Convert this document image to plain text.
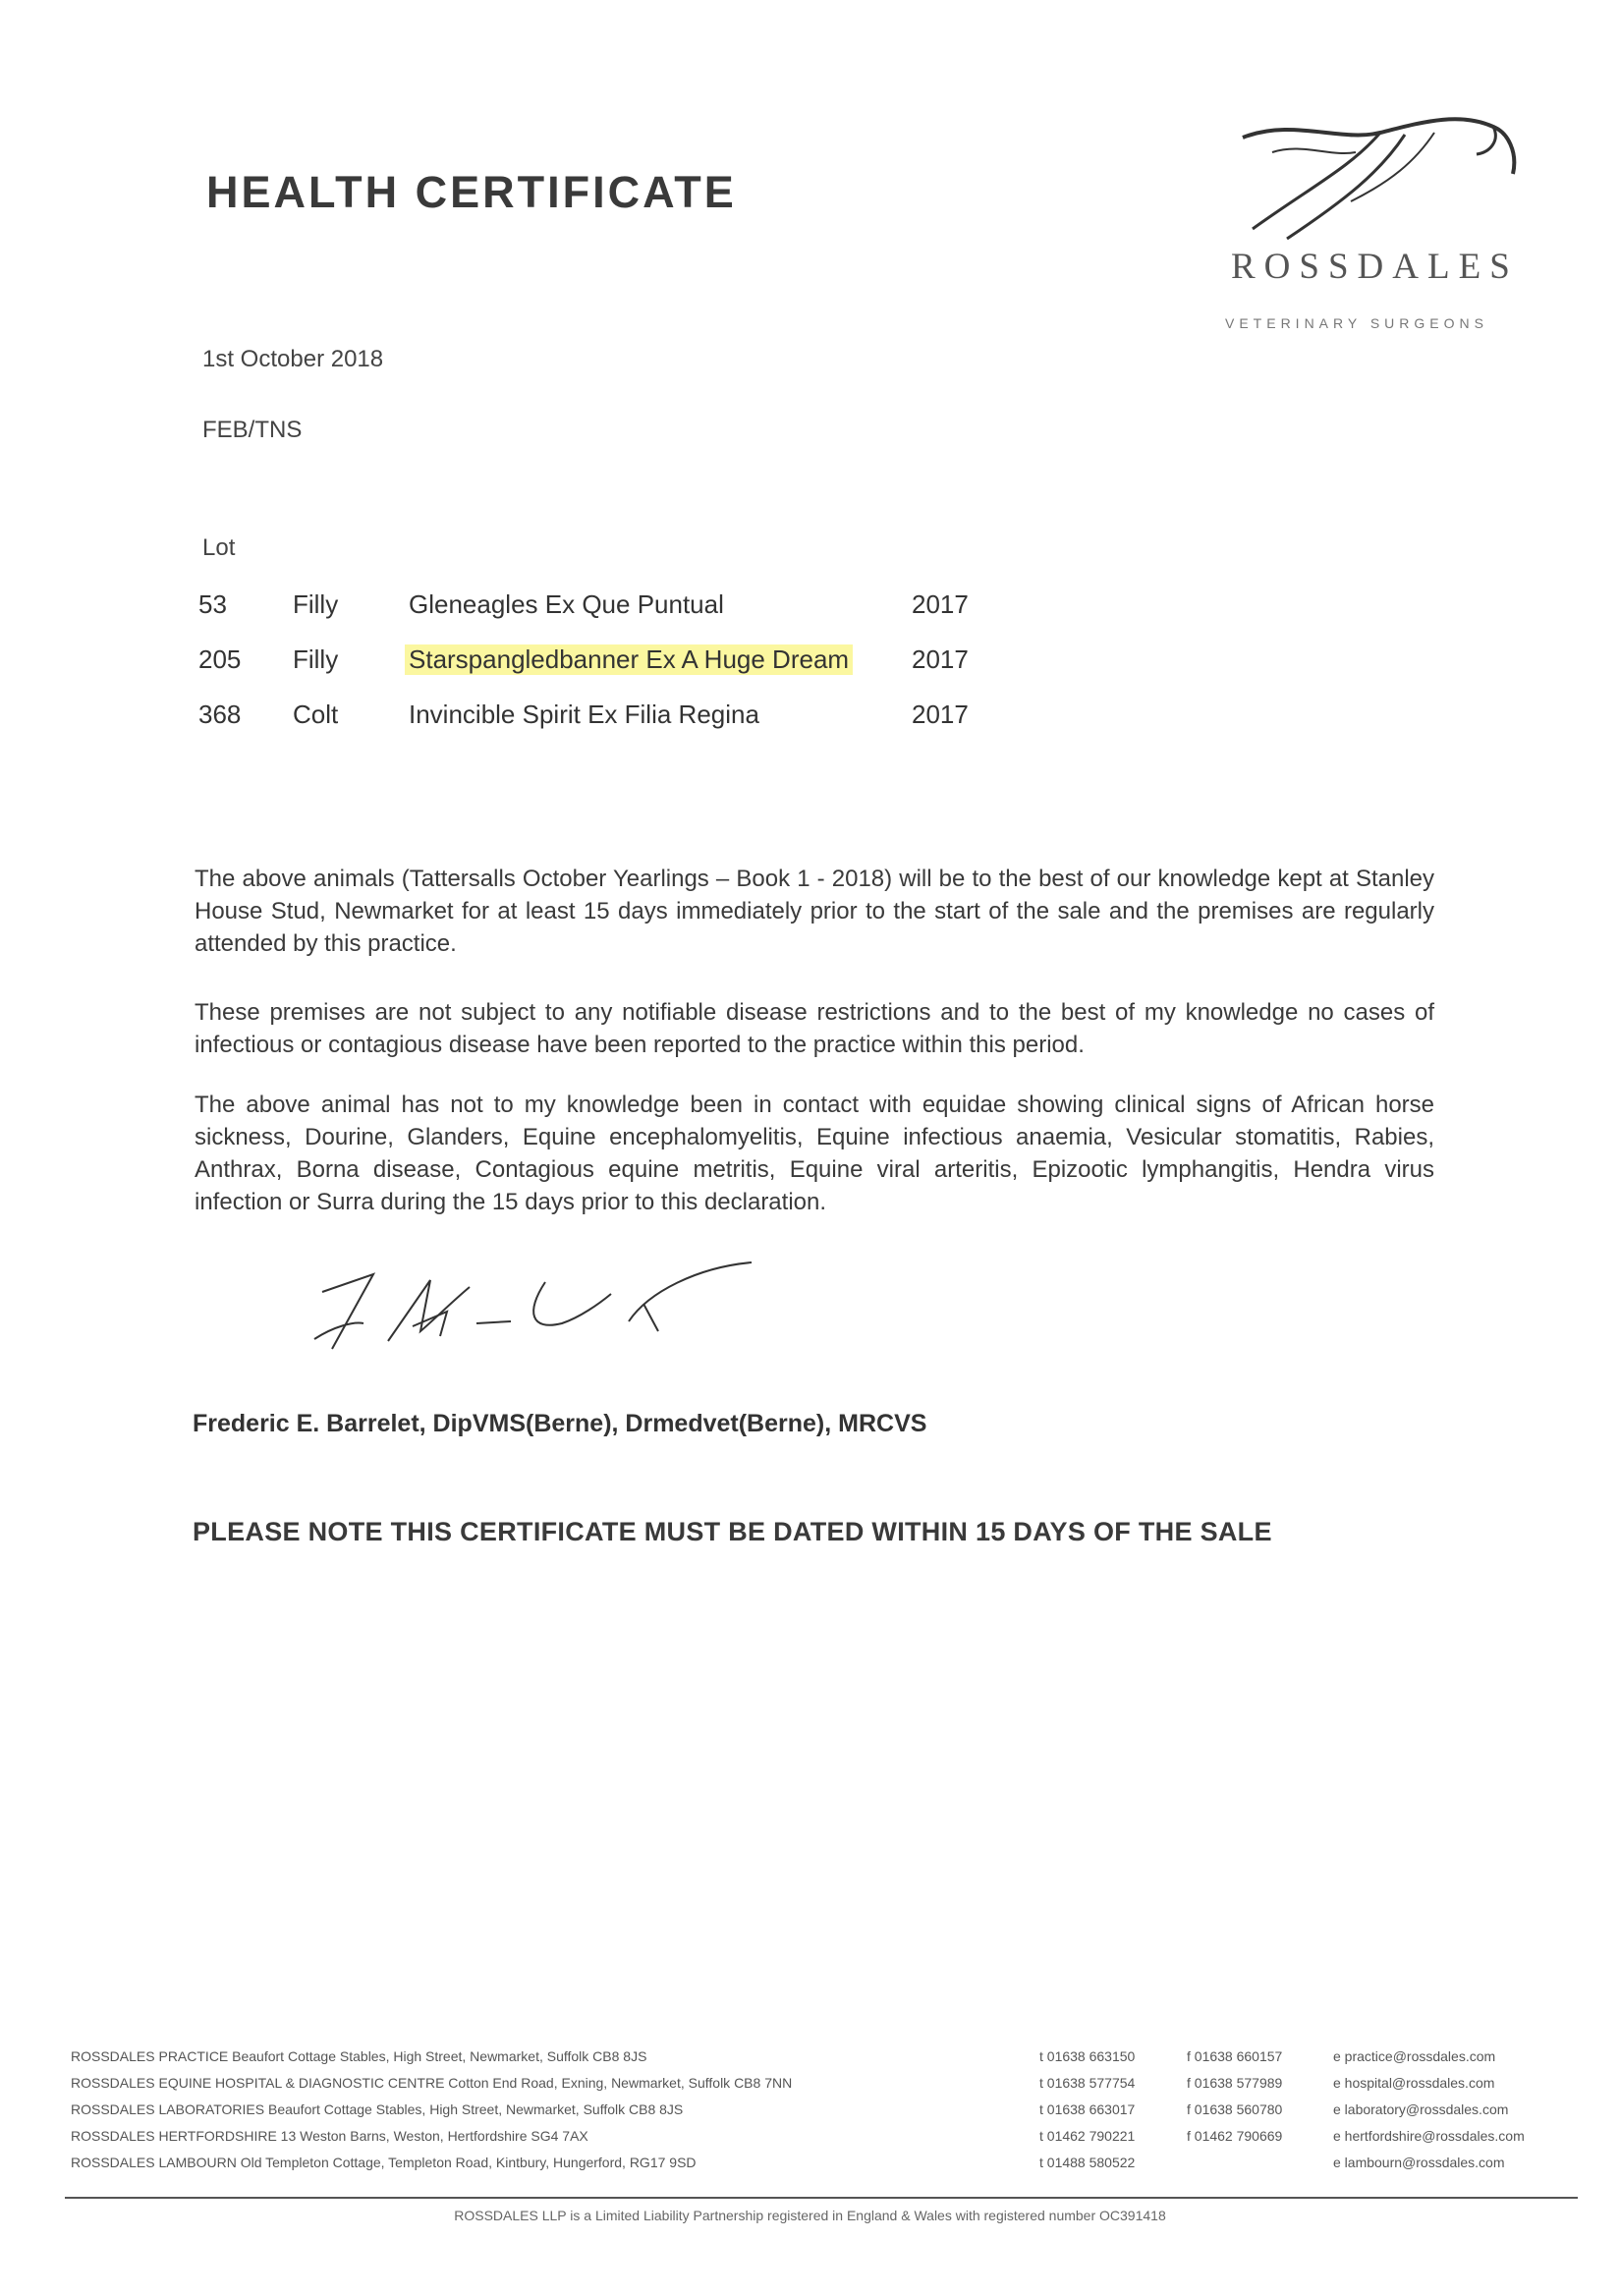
HEALTH CERTIFICATE
ROSSDALES
VETERINARY SURGEONS
1st October 2018
FEB/TNS
Lot
53	Filly	Gleneagles Ex Que Puntual	2017
205 Filly	Starspangledbanner Ex A Huge Dream 2017
368 Colt	Invincible Spirit Ex Filia Regina	2017
The above animals (Tattersalls October Yearlings – Book 1 - 2018) will be to the best of our knowledge kept at Stanley House Stud, Newmarket for at least 15 days immediately prior to the start of the sale and the premises are regularly attended by this practice.
These premises are not subject to any notifiable disease restrictions and to the best of my knowledge no cases of infectious or contagious disease have been reported to the practice within this period.
The above animal has not to my knowledge been in contact with equidae showing clinical signs of African horse sickness, Dourine, Glanders, Equine encephalomyelitis, Equine infectious anaemia, Vesicular stomatitis, Rabies, Anthrax, Borna disease, Contagious equine metritis, Equine viral arteritis, Epizootic lymphangitis, Hendra virus infection or Surra during the 15 days prior to this declaration.
Frederic E. Barrelet, DipVMS(Berne), Drmedvet(Berne), MRCVS
PLEASE NOTE THIS CERTIFICATE MUST BE DATED WITHIN 15 DAYS OF THE SALE
ROSSDALES PRACTICE Beaufort Cottage Stables, High Street, Newmarket, Suffolk CB8 8JS	t 01638 663150	f 01638 660157	e practice@rossdales.com
ROSSDALES EQUINE HOSPITAL & DIAGNOSTIC CENTRE Cotton End Road, Exning, Newmarket, Suffolk CB8 7NN	t 01638 577754	f 01638 577989	e hospital@rossdales.com
ROSSDALES LABORATORIES Beaufort Cottage Stables, High Street, Newmarket, Suffolk CB8 8JS	t 01638 663017	f 01638 560780	e laboratory@rossdales.com
ROSSDALES HERTFORDSHIRE 13 Weston Barns, Weston, Hertfordshire SG4 7AX	t 01462 790221	f 01462 790669	e hertfordshire@rossdales.com
ROSSDALES LAMBOURN Old Templeton Cottage, Templeton Road, Kintbury, Hungerford, RG17 9SD	t 01488 580522	e lambourn@rossdales.com
ROSSDALES LLP is a Limited Liability Partnership registered in England & Wales with registered number OC391418
